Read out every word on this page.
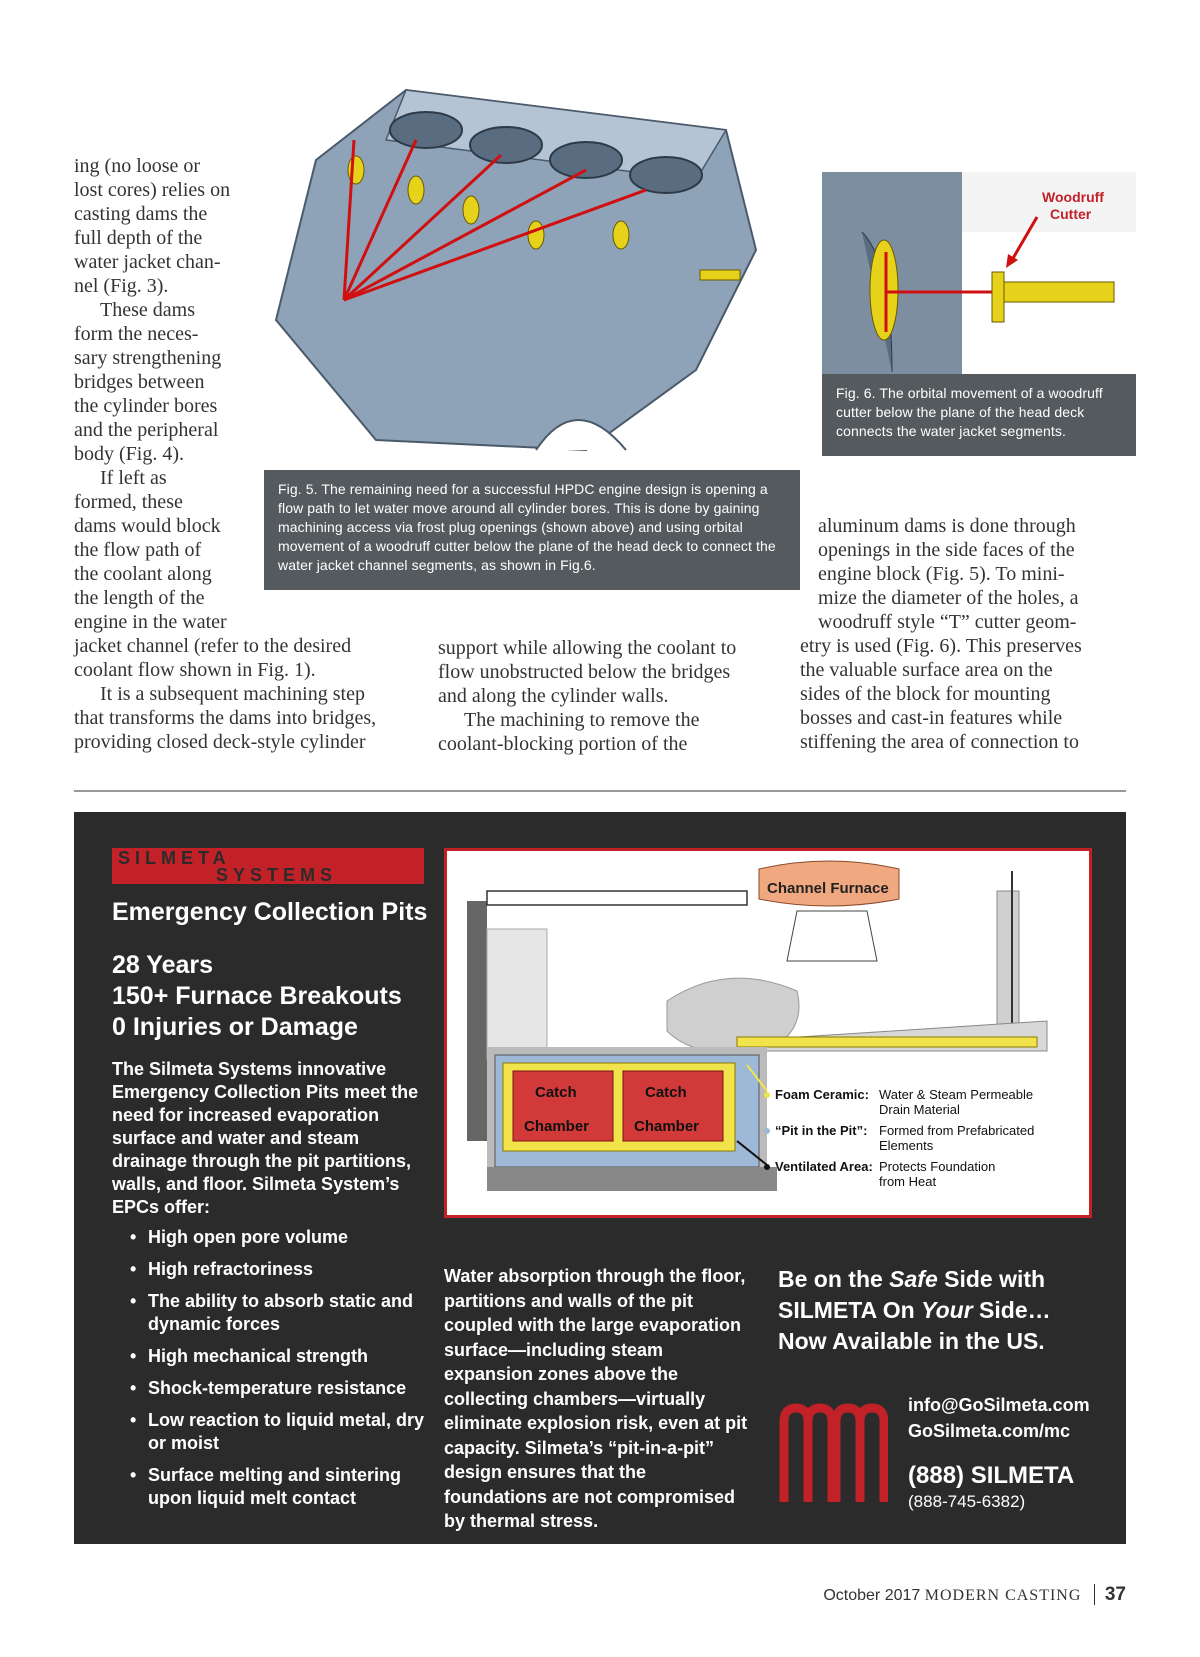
Woodruff
Cutter
Fig. 6. The orbital movement of a woodruff cutter below the plane of the head deck connects the water jacket segments.
Fig. 5. The remaining need for a successful HPDC engine design is opening a flow path to let water move around all cylinder bores. This is done by gaining machining access via frost plug openings (shown above) and using orbital movement of a woodruff cutter below the plane of the head deck to connect the water jacket channel segments, as shown in Fig.6.

ing (no loose or

lost cores) relies on

casting dams the

full depth of the

water jacket chan-

nel (Fig. 3).

These dams

form the neces-

sary strengthening

bridges between

the cylinder bores

and the peripheral

body (Fig. 4).

If left as

formed, these

dams would block

the flow path of

the coolant along

the length of the

engine in the water

jacket channel (refer to the desired

coolant flow shown in Fig. 1).

It is a subsequent machining step

that transforms the dams into bridges,

providing closed deck-style cylinder

support while allowing the coolant to

flow unobstructed below the bridges

and along the cylinder walls.

The machining to remove the

coolant-blocking portion of the

aluminum dams is done through

openings in the side faces of the

engine block (Fig. 5). To mini-

mize the diameter of the holes, a

woodruff style “T” cutter geom-

etry is used (Fig. 6). This preserves

the valuable surface area on the

sides of the block for mounting

bosses and cast-in features while

stiffening the area of connection to

SILMETA
SYSTEMS
Emergency Collection Pits
28 Years
150+ Furnace Breakouts
0 Injuries or Damage
The Silmeta Systems innovative Emergency Collection Pits meet the need for increased evaporation surface and water and steam drainage through the pit partitions, walls, and floor. Silmeta System’s EPCs offer:
• High open pore volume
• High refractoriness
• The ability to absorb static and dynamic forces
• High mechanical strength
• Shock-temperature resistance
• Low reaction to liquid metal, dry or moist
• Surface melting and sintering upon liquid melt contact
Channel Furnace
Catch
Chamber
Catch
Chamber
Foam Ceramic: Water & Steam Permeable
Drain Material
“Pit in the Pit”: Formed from Prefabricated
Elements
Ventilated Area: Protects Foundation
from Heat
Water absorption through the floor, partitions and walls of the pit coupled with the large evaporation surface—including steam expansion zones above the collecting chambers—virtually eliminate explosion risk, even at pit capacity. Silmeta’s “pit-in-a-pit” design ensures that the foundations are not compromised by thermal stress.
Be on the Safe Side with
SILMETA On Your Side…
Now Available in the US.
info@GoSilmeta.com
GoSilmeta.com/mc
(888) SILMETA
(888-745-6382)
October 2017 MODERN CASTING 37
